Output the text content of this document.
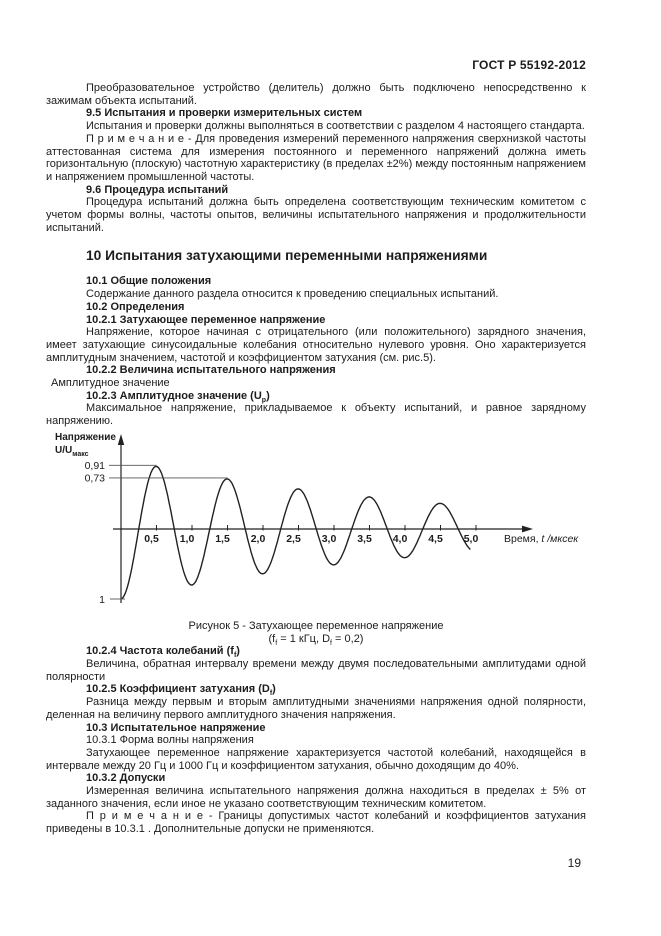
ГОСТ Р 55192-2012

Преобразовательное устройство (делитель) должно быть подключено непосредственно к зажимам объекта испытаний.

9.5 Испытания и проверки измерительных систем

Испытания и проверки должны выполняться в соответствии с разделом 4 настоящего стандарта.

П р и м е ч а н и е - Для проведения измерений переменного напряжения сверхнизкой частоты аттестованная система для измерения постоянного и переменного напряжений должна иметь горизонтальную (плоскую) частотную характеристику (в пределах ±2%) между постоянным напряжением и напряжением промышленной частоты.

9.6 Процедура испытаний

Процедура испытаний должна быть определена соответствующим техническим комитетом с учетом формы волны, частоты опытов, величины испытательного напряжения и продолжительности испытаний.

10 Испытания затухающими переменными напряжениями

10.1 Общие положения

Содержание данного раздела относится к проведению специальных испытаний.

10.2 Определения

10.2.1 Затухающее переменное напряжение

Напряжение, которое начиная с отрицательного (или положительного) зарядного значения, имеет затухающие синусоидальные колебания относительно нулевого уровня. Оно характеризуется амплитудным значением, частотой и коэффициентом затухания (см. рис.5).

10.2.2 Величина испытательного напряжения

Амплитудное значение

10.2.3 Амплитудное значение $(U_р)$

Максимальное напряжение, прикладываемое к объекту испытаний, и равное зарядному напряжению.

0,5 1,0 1,5 2,0 2,5 3,0 3,5 4,0 4,5 5,0
0,91
0,73
1
Напряжение
$U/U_{макс}$
Время, t /мксек

Рисунок 5 - Затухающее переменное напряжение

($f_f = 1$ кГц, $D_f = 0,2$)

10.2.4 Частота колебаний $(f_f)$

Величина, обратная интервалу времени между двумя последовательными амплитудами одной полярности

10.2.5 Коэффициент затухания $(D_f)$

Разница между первым и вторым амплитудными значениями напряжения одной полярности, деленная на величину первого амплитудного значения напряжения.

10.3 Испытательное напряжение

10.3.1 Форма волны напряжения

Затухающее переменное напряжение характеризуется частотой колебаний, находящейся в интервале между 20 Гц и 1000 Гц и коэффициентом затухания, обычно доходящим до 40%.

10.3.2 Допуски

Измеренная величина испытательного напряжения должна находиться в пределах ± 5% от заданного значения, если иное не указано соответствующим техническим комитетом.

П р и м е ч а н и е - Границы допустимых частот колебаний и коэффициентов затухания приведены в 10.3.1 . Дополнительные допуски не применяются.

19
